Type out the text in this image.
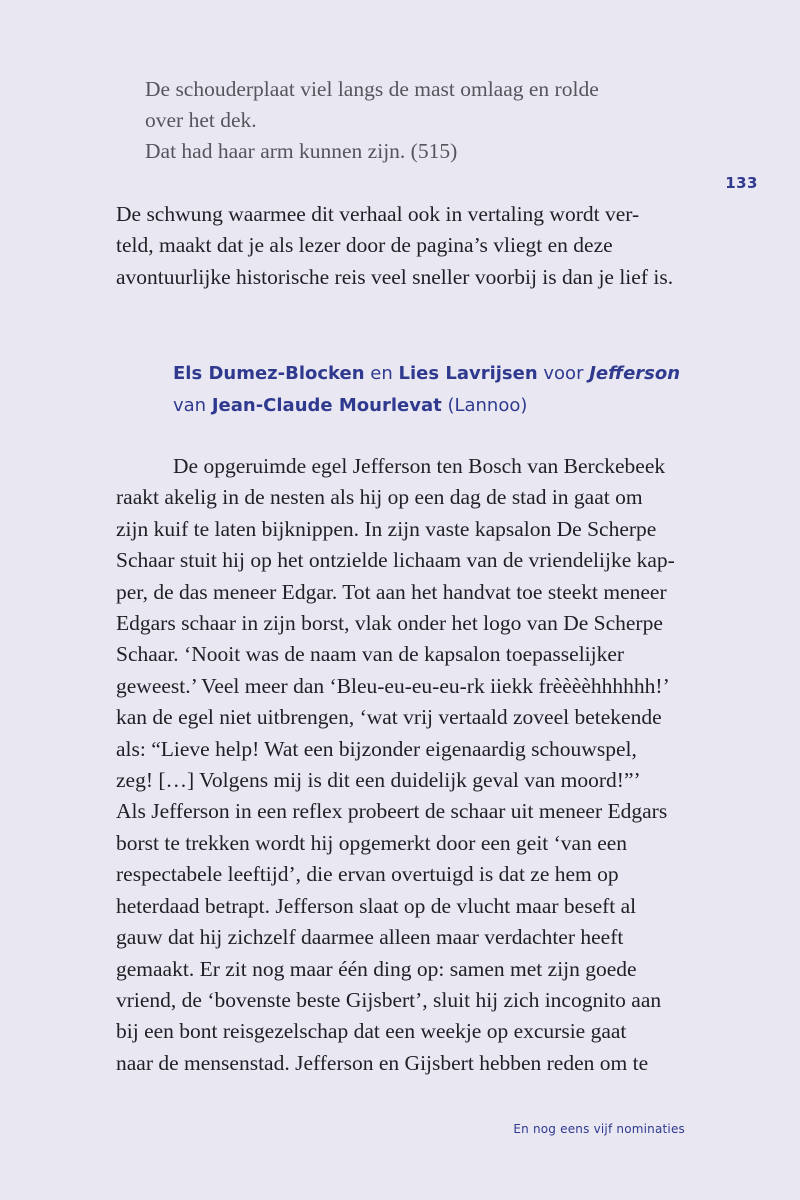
De schouderplaat viel langs de mast omlaag en rolde
over het dek.
Dat had haar arm kunnen zijn. (515)
133
De schwung waarmee dit verhaal ook in vertaling wordt ver-
teld, maakt dat je als lezer door de pagina’s vliegt en deze
avontuurlijke historische reis veel sneller voorbij is dan je lief is.
Els Dumez-Blocken en Lies Lavrijsen voor Jefferson
van Jean-Claude Mourlevat (Lannoo)
De opgeruimde egel Jefferson ten Bosch van Berckebeek
raakt akelig in de nesten als hij op een dag de stad in gaat om
zijn kuif te laten bijknippen. In zijn vaste kapsalon De Scherpe
Schaar stuit hij op het ontzielde lichaam van de vriendelijke kap-
per, de das meneer Edgar. Tot aan het handvat toe steekt meneer
Edgars schaar in zijn borst, vlak onder het logo van De Scherpe
Schaar. ‘Nooit was de naam van de kapsalon toepasselijker
geweest.’ Veel meer dan ‘Bleu-eu-eu-eu-rk iiekk frèèèèhhhhhh!’
kan de egel niet uitbrengen, ‘wat vrij vertaald zoveel betekende
als: “Lieve help! Wat een bijzonder eigenaardig schouwspel,
zeg! […] Volgens mij is dit een duidelijk geval van moord!”’
Als Jefferson in een reflex probeert de schaar uit meneer Edgars
borst te trekken wordt hij opgemerkt door een geit ‘van een
respectabele leeftijd’, die ervan overtuigd is dat ze hem op
heterdaad betrapt. Jefferson slaat op de vlucht maar beseft al
gauw dat hij zichzelf daarmee alleen maar verdachter heeft
gemaakt. Er zit nog maar één ding op: samen met zijn goede
vriend, de ‘bovenste beste Gijsbert’, sluit hij zich incognito aan
bij een bont reisgezelschap dat een weekje op excursie gaat
naar de mensenstad. Jefferson en Gijsbert hebben reden om te
En nog eens vijf nominaties
